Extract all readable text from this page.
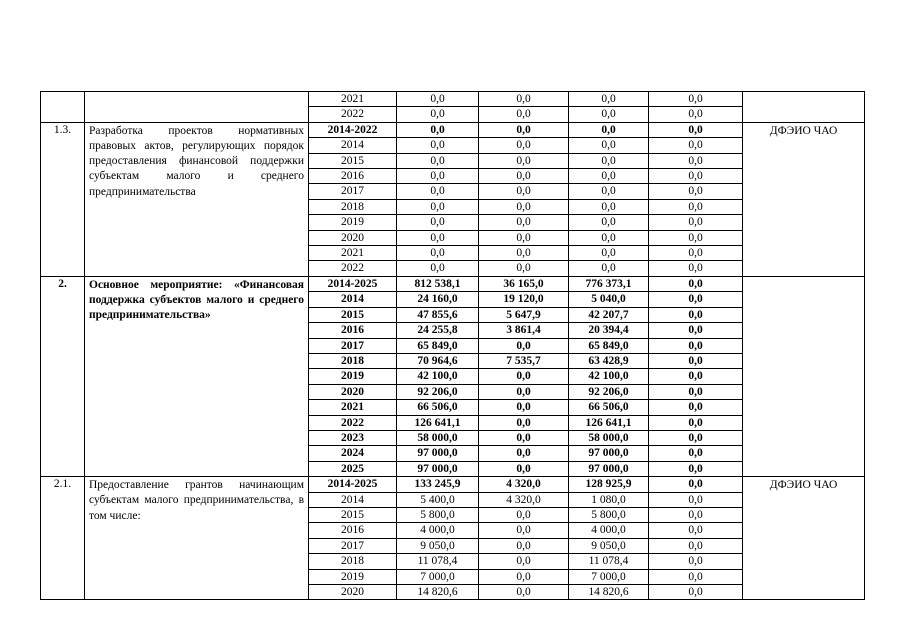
		2021	0,0	0,0	0,0	0,0	
		2022	0,0	0,0	0,0	0,0	
1.3.	Разработка проектов нормативных правовых актов, регулирующих порядок предоставления финансовой поддержки субъектам малого и среднего предпринимательства	2014-2022	0,0	0,0	0,0	0,0	ДФЭИО ЧАО
		2014	0,0	0,0	0,0	0,0	
		2015	0,0	0,0	0,0	0,0	
		2016	0,0	0,0	0,0	0,0	
		2017	0,0	0,0	0,0	0,0	
		2018	0,0	0,0	0,0	0,0	
		2019	0,0	0,0	0,0	0,0	
		2020	0,0	0,0	0,0	0,0	
		2021	0,0	0,0	0,0	0,0	
		2022	0,0	0,0	0,0	0,0	
2.	Основное мероприятие: «Финансовая поддержка субъектов малого и среднего предпринимательства»	2014-2025	812 538,1	36 165,0	776 373,1	0,0	
		2014	24 160,0	19 120,0	5 040,0	0,0	
		2015	47 855,6	5 647,9	42 207,7	0,0	
		2016	24 255,8	3 861,4	20 394,4	0,0	
		2017	65 849,0	0,0	65 849,0	0,0	
		2018	70 964,6	7 535,7	63 428,9	0,0	
		2019	42 100,0	0,0	42 100,0	0,0	
		2020	92 206,0	0,0	92 206,0	0,0	
		2021	66 506,0	0,0	66 506,0	0,0	
		2022	126 641,1	0,0	126 641,1	0,0	
		2023	58 000,0	0,0	58 000,0	0,0	
		2024	97 000,0	0,0	97 000,0	0,0	
		2025	97 000,0	0,0	97 000,0	0,0	
2.1.	Предоставление грантов начинающим субъектам малого предпринимательства, в том числе:	2014-2025	133 245,9	4 320,0	128 925,9	0,0	ДФЭИО ЧАО
		2014	5 400,0	4 320,0	1 080,0	0,0	
		2015	5 800,0	0,0	5 800,0	0,0	
		2016	4 000,0	0,0	4 000,0	0,0	
		2017	9 050,0	0,0	9 050,0	0,0	
		2018	11 078,4	0,0	11 078,4	0,0	
		2019	7 000,0	0,0	7 000,0	0,0	
		2020	14 820,6	0,0	14 820,6	0,0	
